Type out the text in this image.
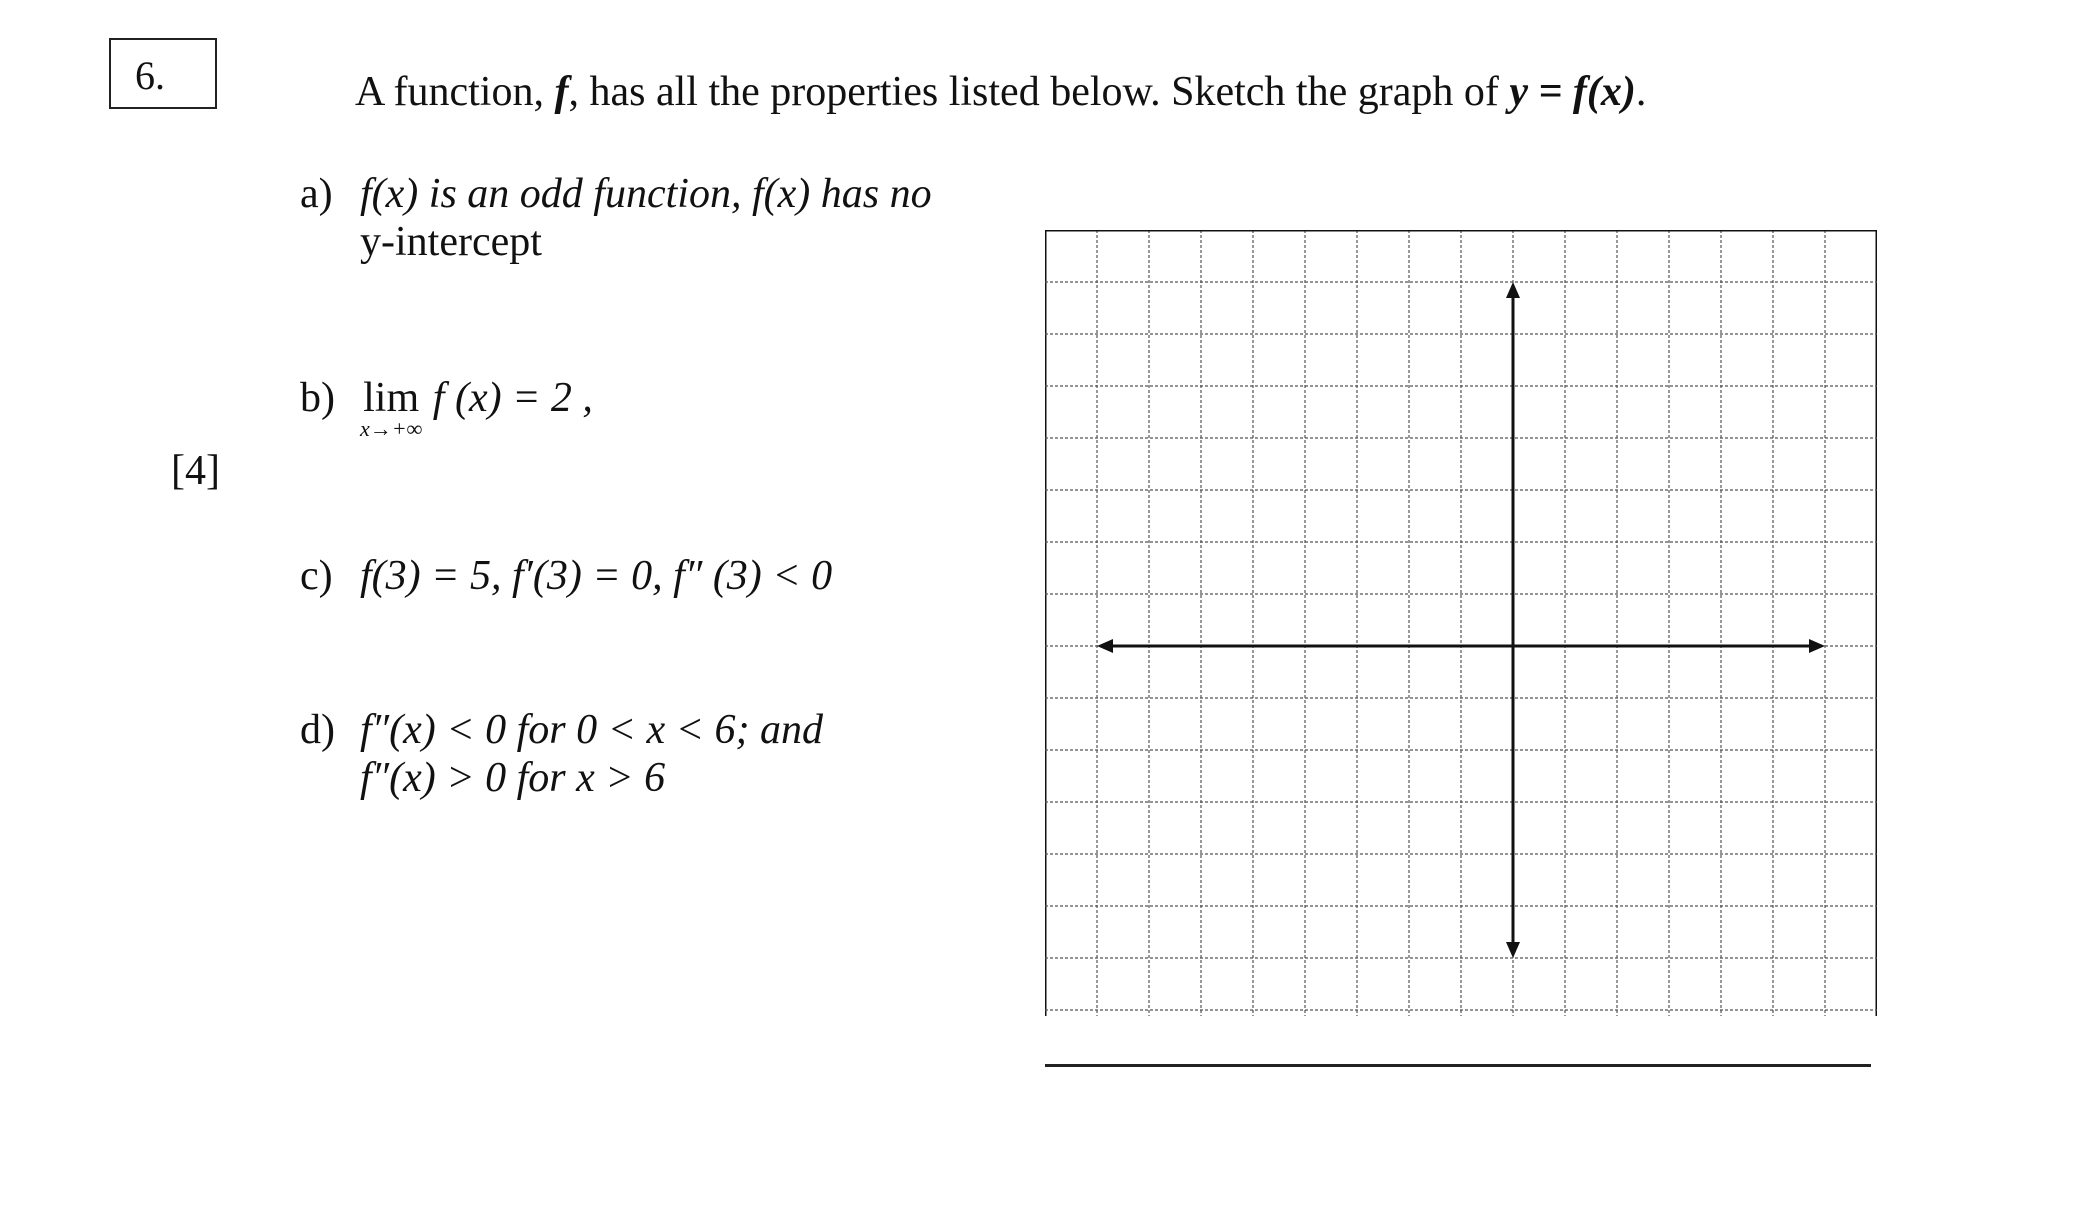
6.
[4]
A function, f, has all the properties listed below. Sketch the graph of y = f(x).
a) f(x) is an odd function, f(x) has no
y-intercept
b) lim
x→+∞
f (x) = 2 ,
c) f(3) = 5, f′(3) = 0, f″ (3) < 0
d) f″(x) < 0 for 0 < x < 6; and
f″(x) > 0 for x > 6
